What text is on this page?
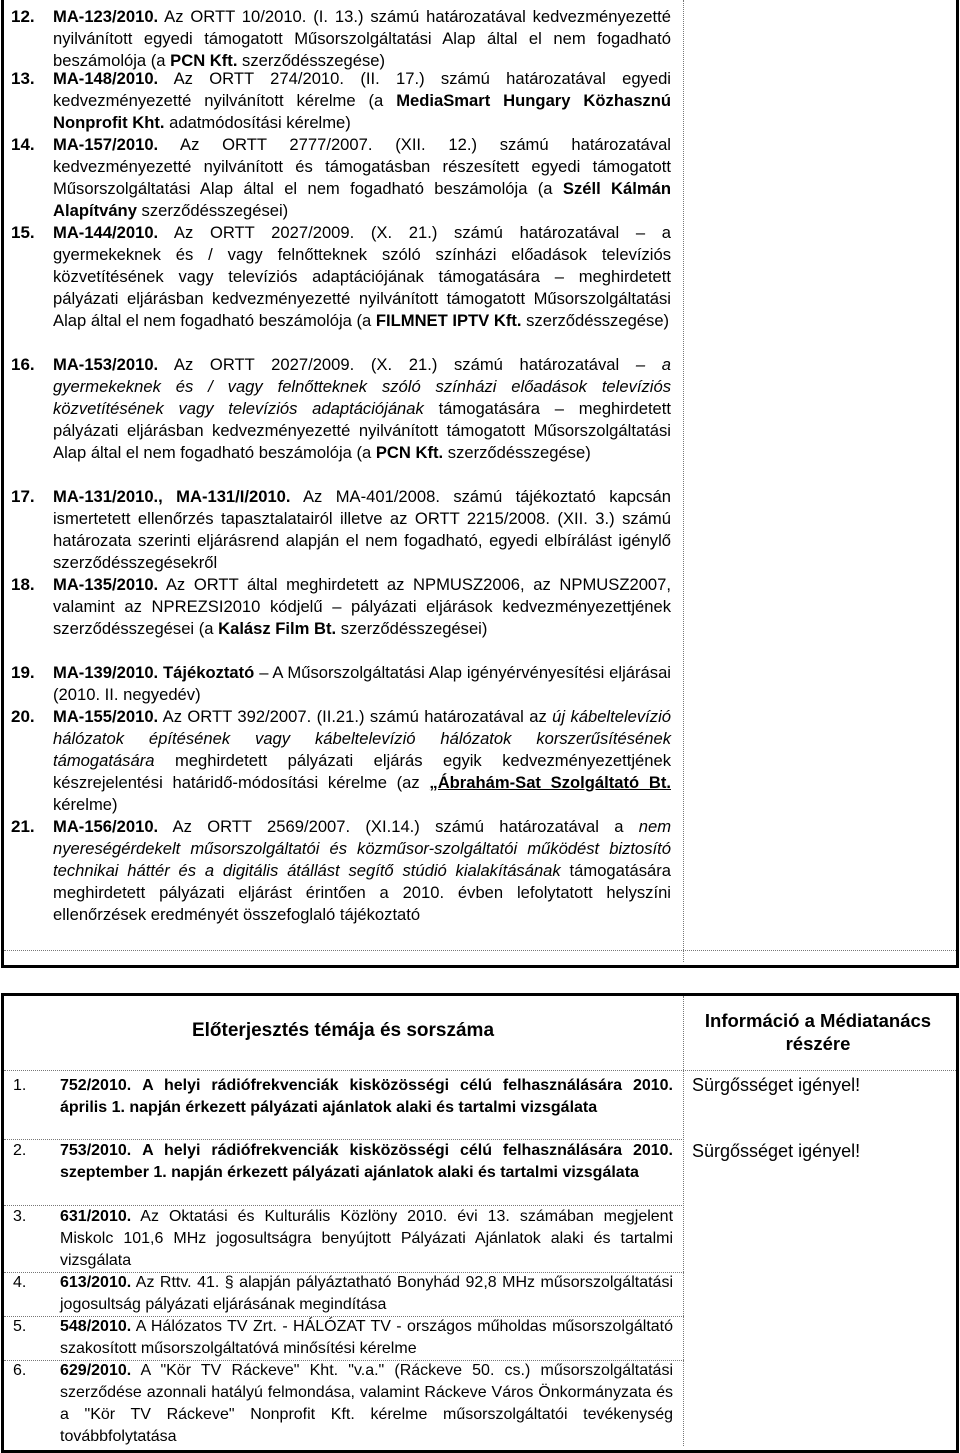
12. MA-123/2010. Az ORTT 10/2010. (I. 13.) számú határozatával kedvezményezetté nyilvánított egyedi támogatott Műsorszolgáltatási Alap által el nem fogadható beszámolója (a PCN Kft. szerződésszegése)

13. MA-148/2010. Az ORTT 274/2010. (II. 17.) számú határozatával egyedi kedvezményezetté nyilvánított kérelme (a MediaSmart Hungary Közhasznú Nonprofit Kht. adatmódosítási kérelme)

14. MA-157/2010. Az ORTT 2777/2007. (XII. 12.) számú határozatával kedvezményezetté nyilvánított és támogatásban részesített egyedi támogatott Műsorszolgáltatási Alap által el nem fogadható beszámolója (a Széll Kálmán Alapítvány szerződésszegései)

15. MA-144/2010. Az ORTT 2027/2009. (X. 21.) számú határozatával – a gyermekeknek és / vagy felnőtteknek szóló színházi előadások televíziós közvetítésének vagy televíziós adaptációjának támogatására – meghirdetett pályázati eljárásban kedvezményezetté nyilvánított támogatott Műsorszolgáltatási Alap által el nem fogadható beszámolója (a FILMNET IPTV Kft. szerződésszegése)

16. MA-153/2010. Az ORTT 2027/2009. (X. 21.) számú határozatával – a gyermekeknek és / vagy felnőtteknek szóló színházi előadások televíziós közvetítésének vagy televíziós adaptációjának támogatására – meghirdetett pályázati eljárásban kedvezményezetté nyilvánított támogatott Műsorszolgáltatási Alap által el nem fogadható beszámolója (a PCN Kft. szerződésszegése)

17. MA-131/2010., MA-131/I/2010. Az MA-401/2008. számú tájékoztató kapcsán ismertetett ellenőrzés tapasztalatairól illetve az ORTT 2215/2008. (XII. 3.) számú határozata szerinti eljárásrend alapján el nem fogadható, egyedi elbírálást igénylő szerződésszegésekről

18. MA-135/2010. Az ORTT által meghirdetett az NPMUSZ2006, az NPMUSZ2007, valamint az NPREZSI2010 kódjelű – pályázati eljárások kedvezményezettjének szerződésszegései (a Kalász Film Bt. szerződésszegései)

19. MA-139/2010. Tájékoztató – A Műsorszolgáltatási Alap igényérvényesítési eljárásai (2010. II. negyedév)

20. MA-155/2010. Az ORTT 392/2007. (II.21.) számú határozatával az új kábeltelevízió hálózatok építésének vagy kábeltelevízió hálózatok korszerűsítésének támogatására meghirdetett pályázati eljárás egyik kedvezményezettjének készrejelentési határidő-módosítási kérelme (az „Ábrahám-Sat Szolgáltató Bt. kérelme)

21. MA-156/2010. Az ORTT 2569/2007. (XI.14.) számú határozatával a nem nyereségérdekelt műsorszolgáltatói és közműsor-szolgáltatói működést biztosító technikai háttér és a digitális átállást segítő stúdió kialakításának támogatására meghirdetett pályázati eljárást érintően a 2010. évben lefolytatott helyszíni ellenőrzések eredményét összefoglaló tájékoztató

Előterjesztés témája és sorszáma	Információ a Médiatanács részére
1. 752/2010. A helyi rádiófrekvenciák kisközösségi célú felhasználására 2010. április 1. napján érkezett pályázati ajánlatok alaki és tartalmi vizsgálata
Sürgősséget igényel!
2. 753/2010. A helyi rádiófrekvenciák kisközösségi célú felhasználására 2010. szeptember 1. napján érkezett pályázati ajánlatok alaki és tartalmi vizsgálata
Sürgősséget igényel!
3. 631/2010. Az Oktatási és Kulturális Közlöny 2010. évi 13. számában megjelent Miskolc 101,6 MHz jogosultságra benyújtott Pályázati Ajánlatok alaki és tartalmi vizsgálata
4. 613/2010. Az Rttv. 41. § alapján pályáztatható Bonyhád 92,8 MHz műsorszolgáltatási jogosultság pályázati eljárásának megindítása
5. 548/2010. A Hálózatos TV Zrt. - HÁLÓZAT TV - országos műholdas műsorszolgáltató szakosított műsorszolgáltatóvá minősítési kérelme
6. 629/2010. A "Kör TV Ráckeve" Kht. "v.a." (Ráckeve 50. cs.) műsorszolgáltatási szerződése azonnali hatályú felmondása, valamint Ráckeve Város Önkormányzata és a "Kör TV Ráckeve" Nonprofit Kft. kérelme műsorszolgáltatói tevékenység továbbfolytatása
